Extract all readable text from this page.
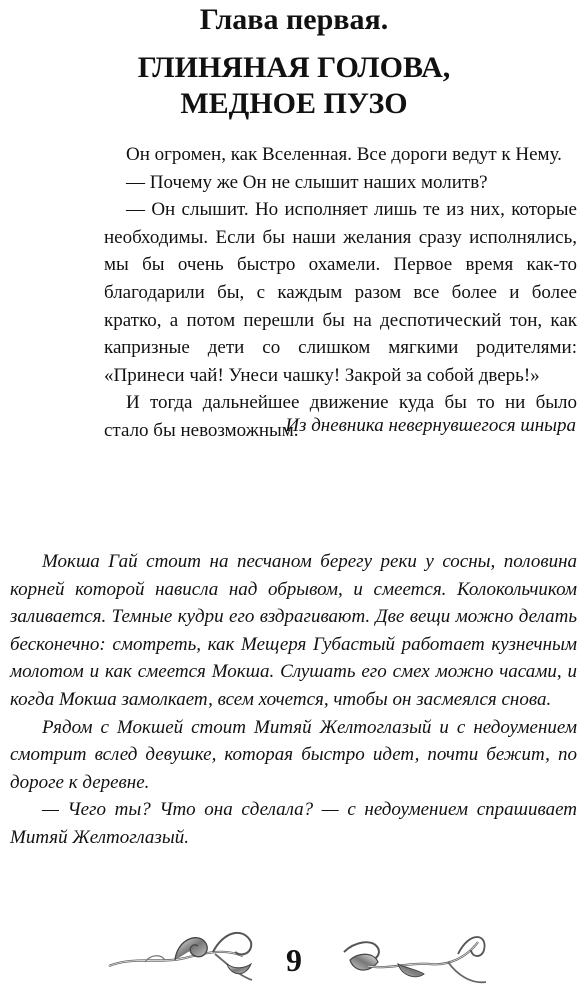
Глава первая.
ГЛИНЯНАЯ ГОЛОВА,
МЕДНОЕ ПУЗО

Он огромен, как Вселенная. Все дороги ведут к Нему.

— Почему же Он не слышит наших молитв?

— Он слышит. Но исполняет лишь те из них, которые необходимы. Если бы наши желания сразу исполнялись, мы бы очень быстро охамели. Первое время как-то благодарили бы, с каждым разом все более и более кратко, а потом перешли бы на деспотический тон, как капризные дети со слишком мягкими родителями: «Принеси чай! Унеси чашку! Закрой за собой дверь!»

И тогда дальнейшее движение куда бы то ни было стало бы невозможным.

Из дневника невернувшегося шныра

Мокша Гай стоит на песчаном берегу реки у сосны, половина корней которой нависла над обрывом, и смеется. Колокольчиком заливается. Темные кудри его вздрагивают. Две вещи можно делать бесконечно: смотреть, как Мещеря Губастый работает кузнечным молотом и как смеется Мокша. Слушать его смех можно часами, и когда Мокша замолкает, всем хочется, чтобы он засмеялся снова.

Рядом с Мокшей стоит Митяй Желтоглазый и с недоумением смотрит вслед девушке, которая быстро идет, почти бежит, по дороге к деревне.

— Чего ты? Что она сделала? — с недоумением спрашивает Митяй Желтоглазый.

9
